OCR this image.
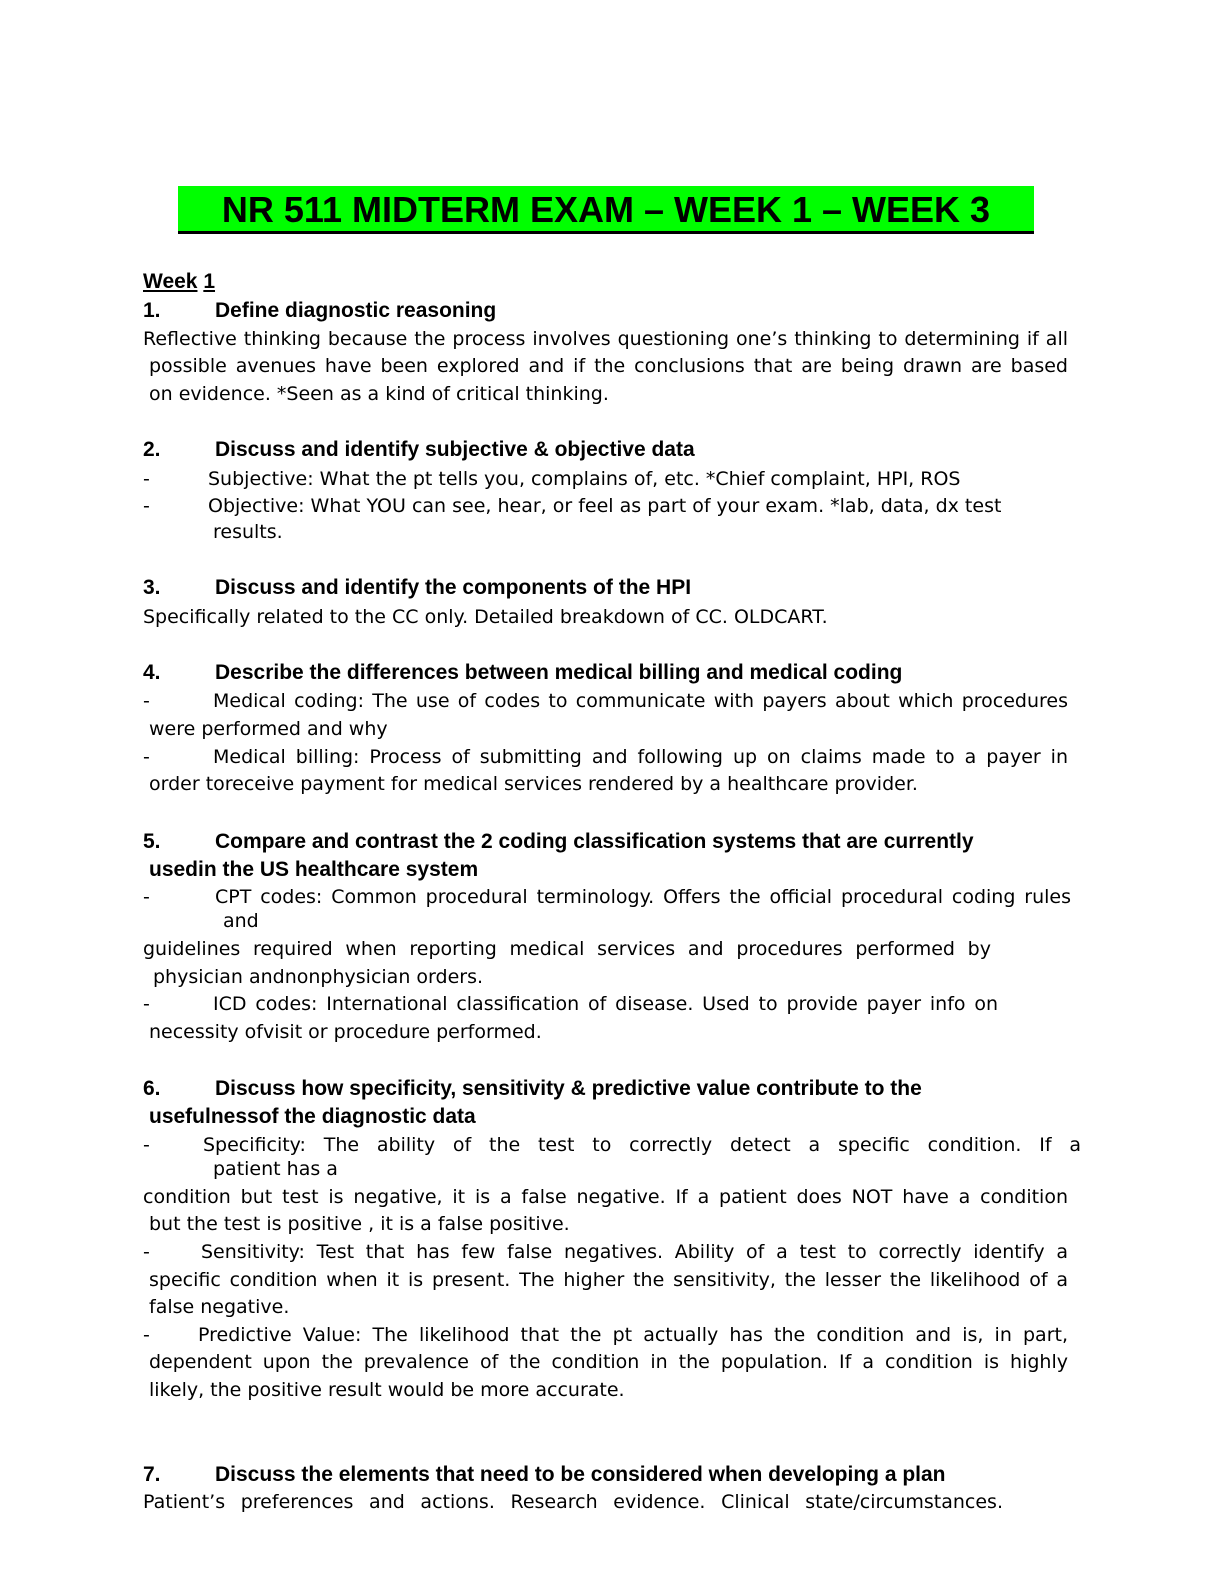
NR 511 MIDTERM EXAM – WEEK 1 – WEEK 3
Week 1
1.	Define diagnostic reasoning
Reflective thinking because the process involves questioning one’s thinking to determining if all
possible avenues have been explored and if the conclusions that are being drawn are based
on evidence. *Seen as a kind of critical thinking.
2.	Discuss and identify subjective & objective data
-	Subjective: What the pt tells you, complains of, etc. *Chief complaint, HPI, ROS
-	Objective: What YOU can see, hear, or feel as part of your exam. *lab, data, dx test
results.
3.	Discuss and identify the components of the HPI
Specifically related to the CC only. Detailed breakdown of CC. OLDCART.
4.	Describe the differences between medical billing and medical coding
-	Medical coding: The use of codes to communicate with payers about which procedures
were performed and why
-	Medical billing: Process of submitting and following up on claims made to a payer in
order toreceive payment for medical services rendered by a healthcare provider.
5.	Compare and contrast the 2 coding classification systems that are currently
usedin the US healthcare system
-	CPT codes: Common procedural terminology. Offers the official procedural coding rules
and
guidelines required when reporting medical services and procedures performed by
physician andnonphysician orders.
-	ICD codes: International classification of disease. Used to provide payer info on
necessity ofvisit or procedure performed.
6.	Discuss how specificity, sensitivity & predictive value contribute to the
usefulnessof the diagnostic data
-	Specificity: The ability of the test to correctly detect a specific condition. If a
patient has a
condition but test is negative, it is a false negative. If a patient does NOT have a condition
but the test is positive , it is a false positive.
-	Sensitivity: Test that has few false negatives. Ability of a test to correctly identify a
specific condition when it is present. The higher the sensitivity, the lesser the likelihood of a
false negative.
-	Predictive Value: The likelihood that the pt actually has the condition and is, in part,
dependent upon the prevalence of the condition in the population. If a condition is highly
likely, the positive result would be more accurate.
7.	Discuss the elements that need to be considered when developing a plan
Patient’s preferences and actions. Research evidence. Clinical state/circumstances.
